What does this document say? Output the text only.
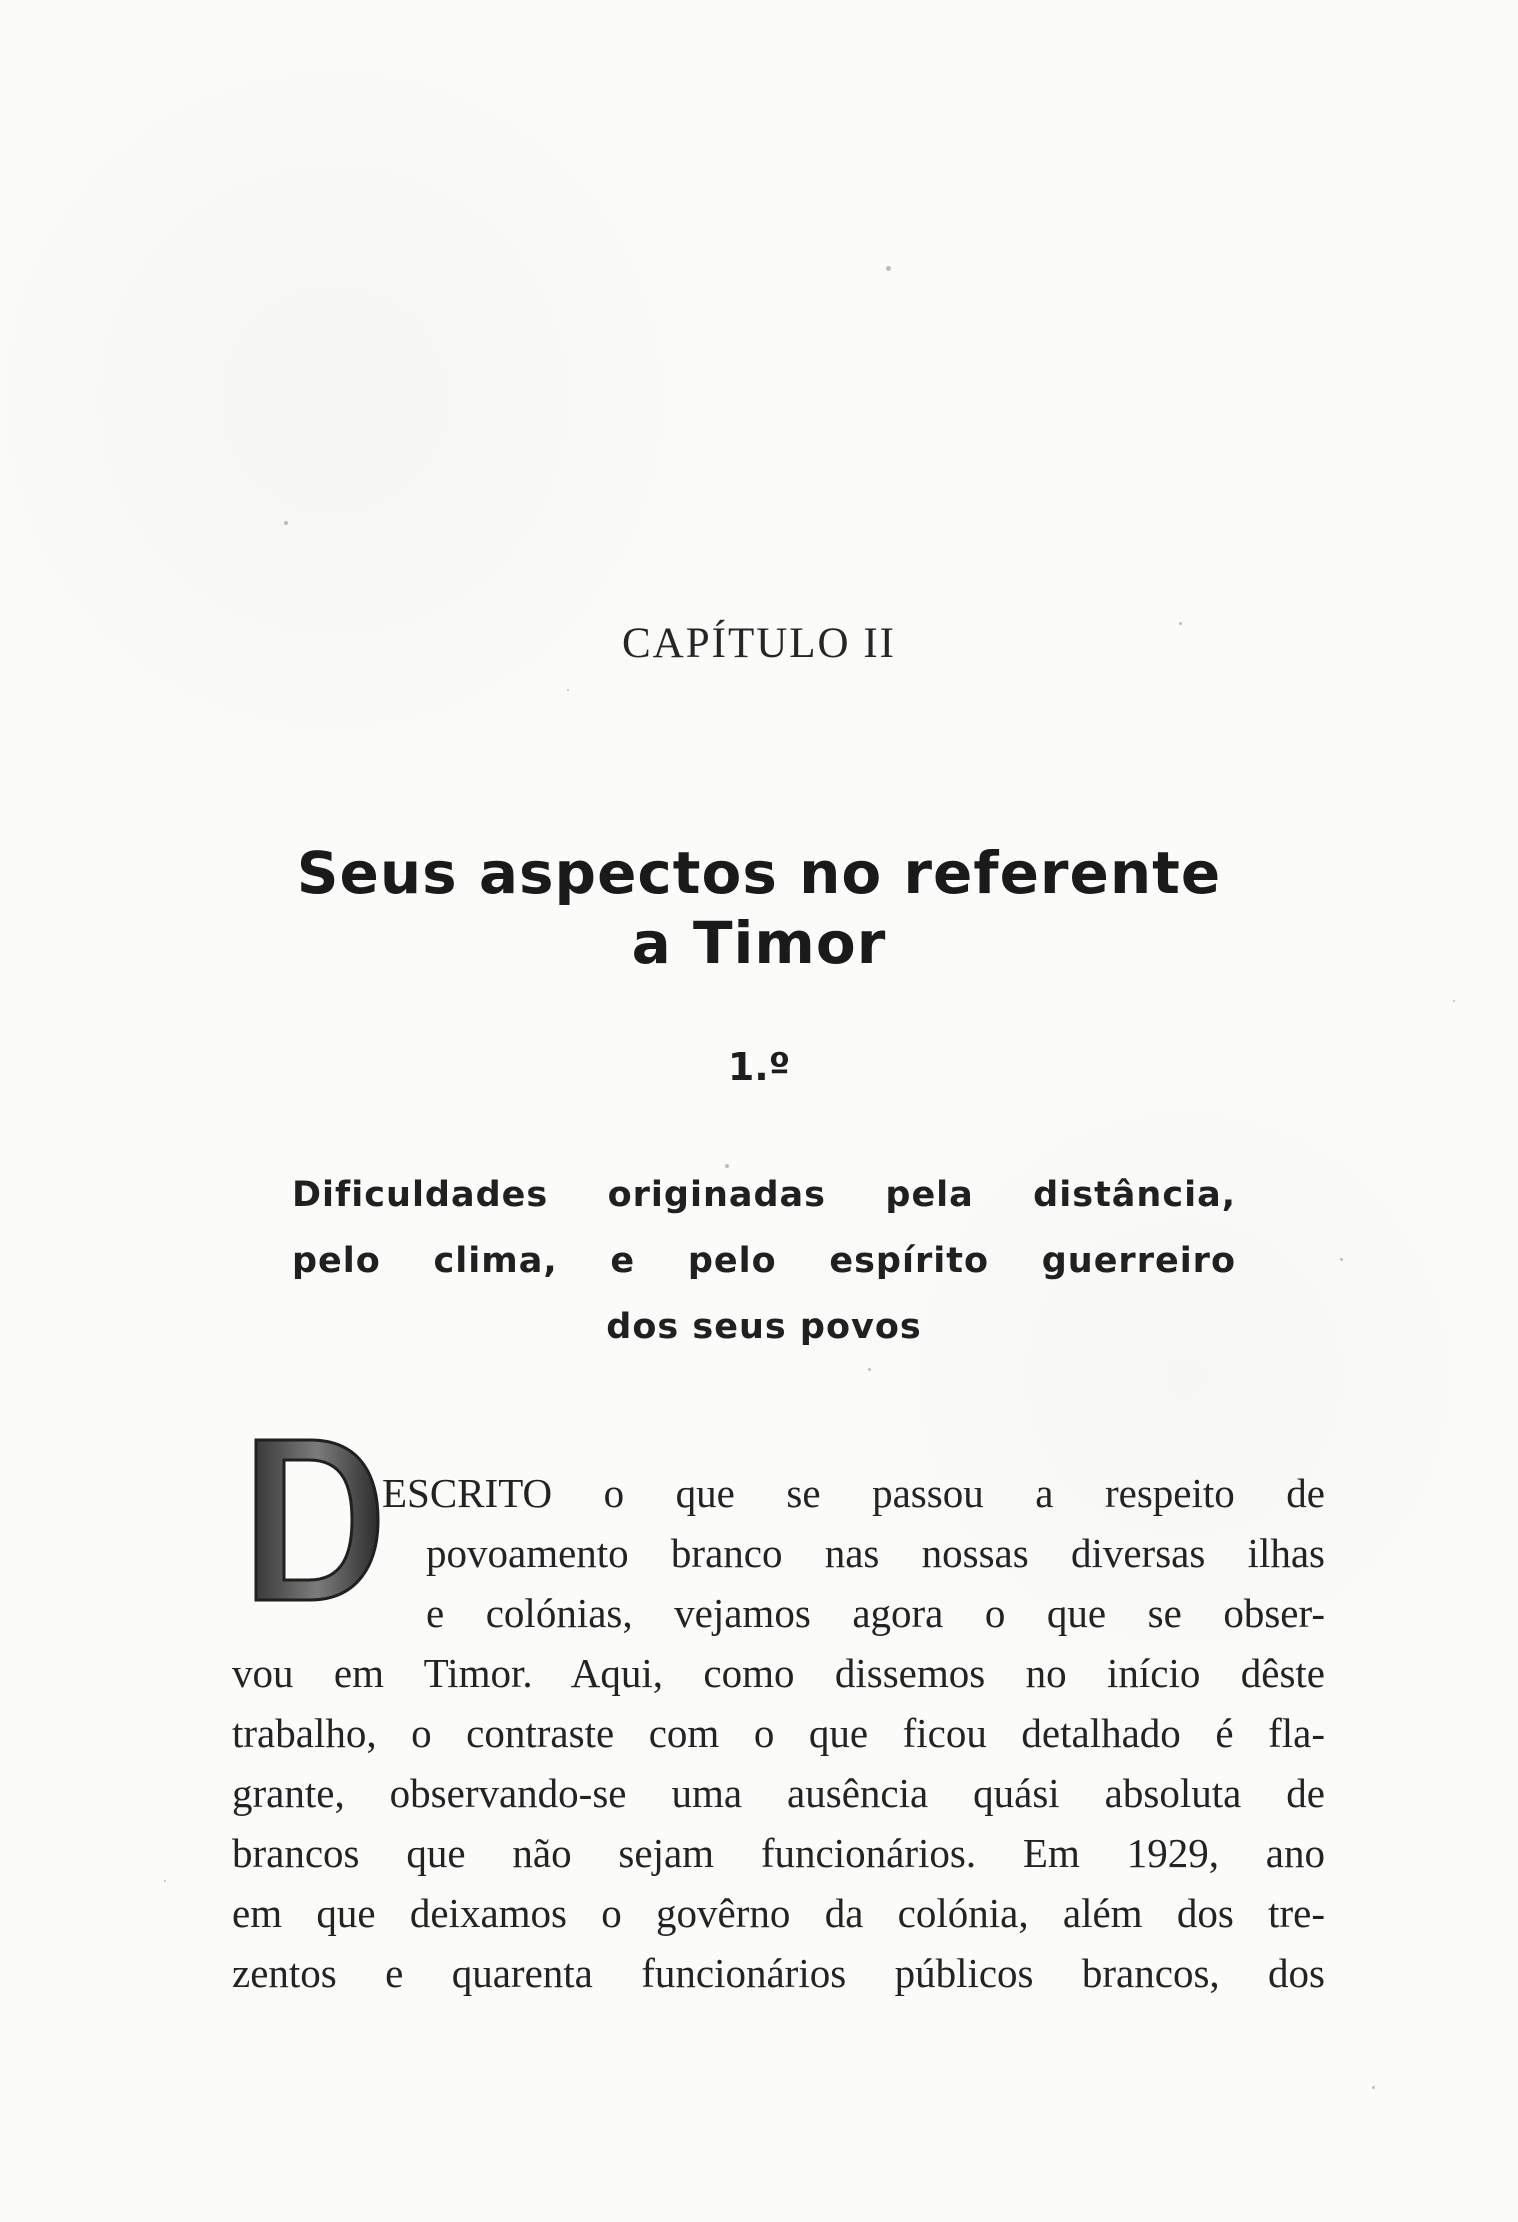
CAPÍTULO II
Seus aspectos no referente
a Timor
1.º
Dificuldades originadas pela distância,
pelo clima, e pelo espírito guerreiro
dos seus povos
ESCRITO o que se passou a respeito de
povoamento branco nas nossas diversas ilhas
e colónias, vejamos agora o que se obser-
vou em Timor. Aqui, como dissemos no início dêste
trabalho, o contraste com o que ficou detalhado é fla-
grante, observando-se uma ausência quási absoluta de
brancos que não sejam funcionários. Em 1929, ano
em que deixamos o govêrno da colónia, além dos tre-
zentos e quarenta funcionários públicos brancos, dos
